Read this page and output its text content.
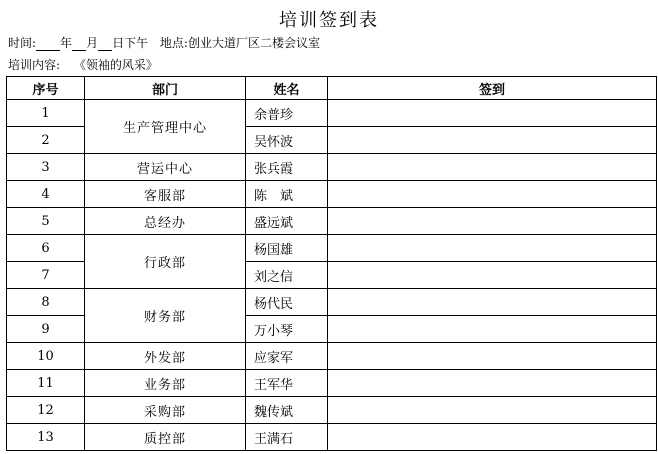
培训签到表
时间: 年 月 日下午 地点:创业大道厂区二楼会议室
培训内容: 《领袖的风采》
序号	部门	姓名	签到
1	生产管理中心	余普珍	
2		吴怀波	
3	营运中心	张兵霞	
4	客服部	陈　斌	
5	总经办	盛远斌	
6	行政部	杨国雄	
7		刘之信	
8	财务部	杨代民	
9		万小琴	
10	外发部	应家军	
11	业务部	王军华	
12	采购部	魏传斌	
13	质控部	王满石	
